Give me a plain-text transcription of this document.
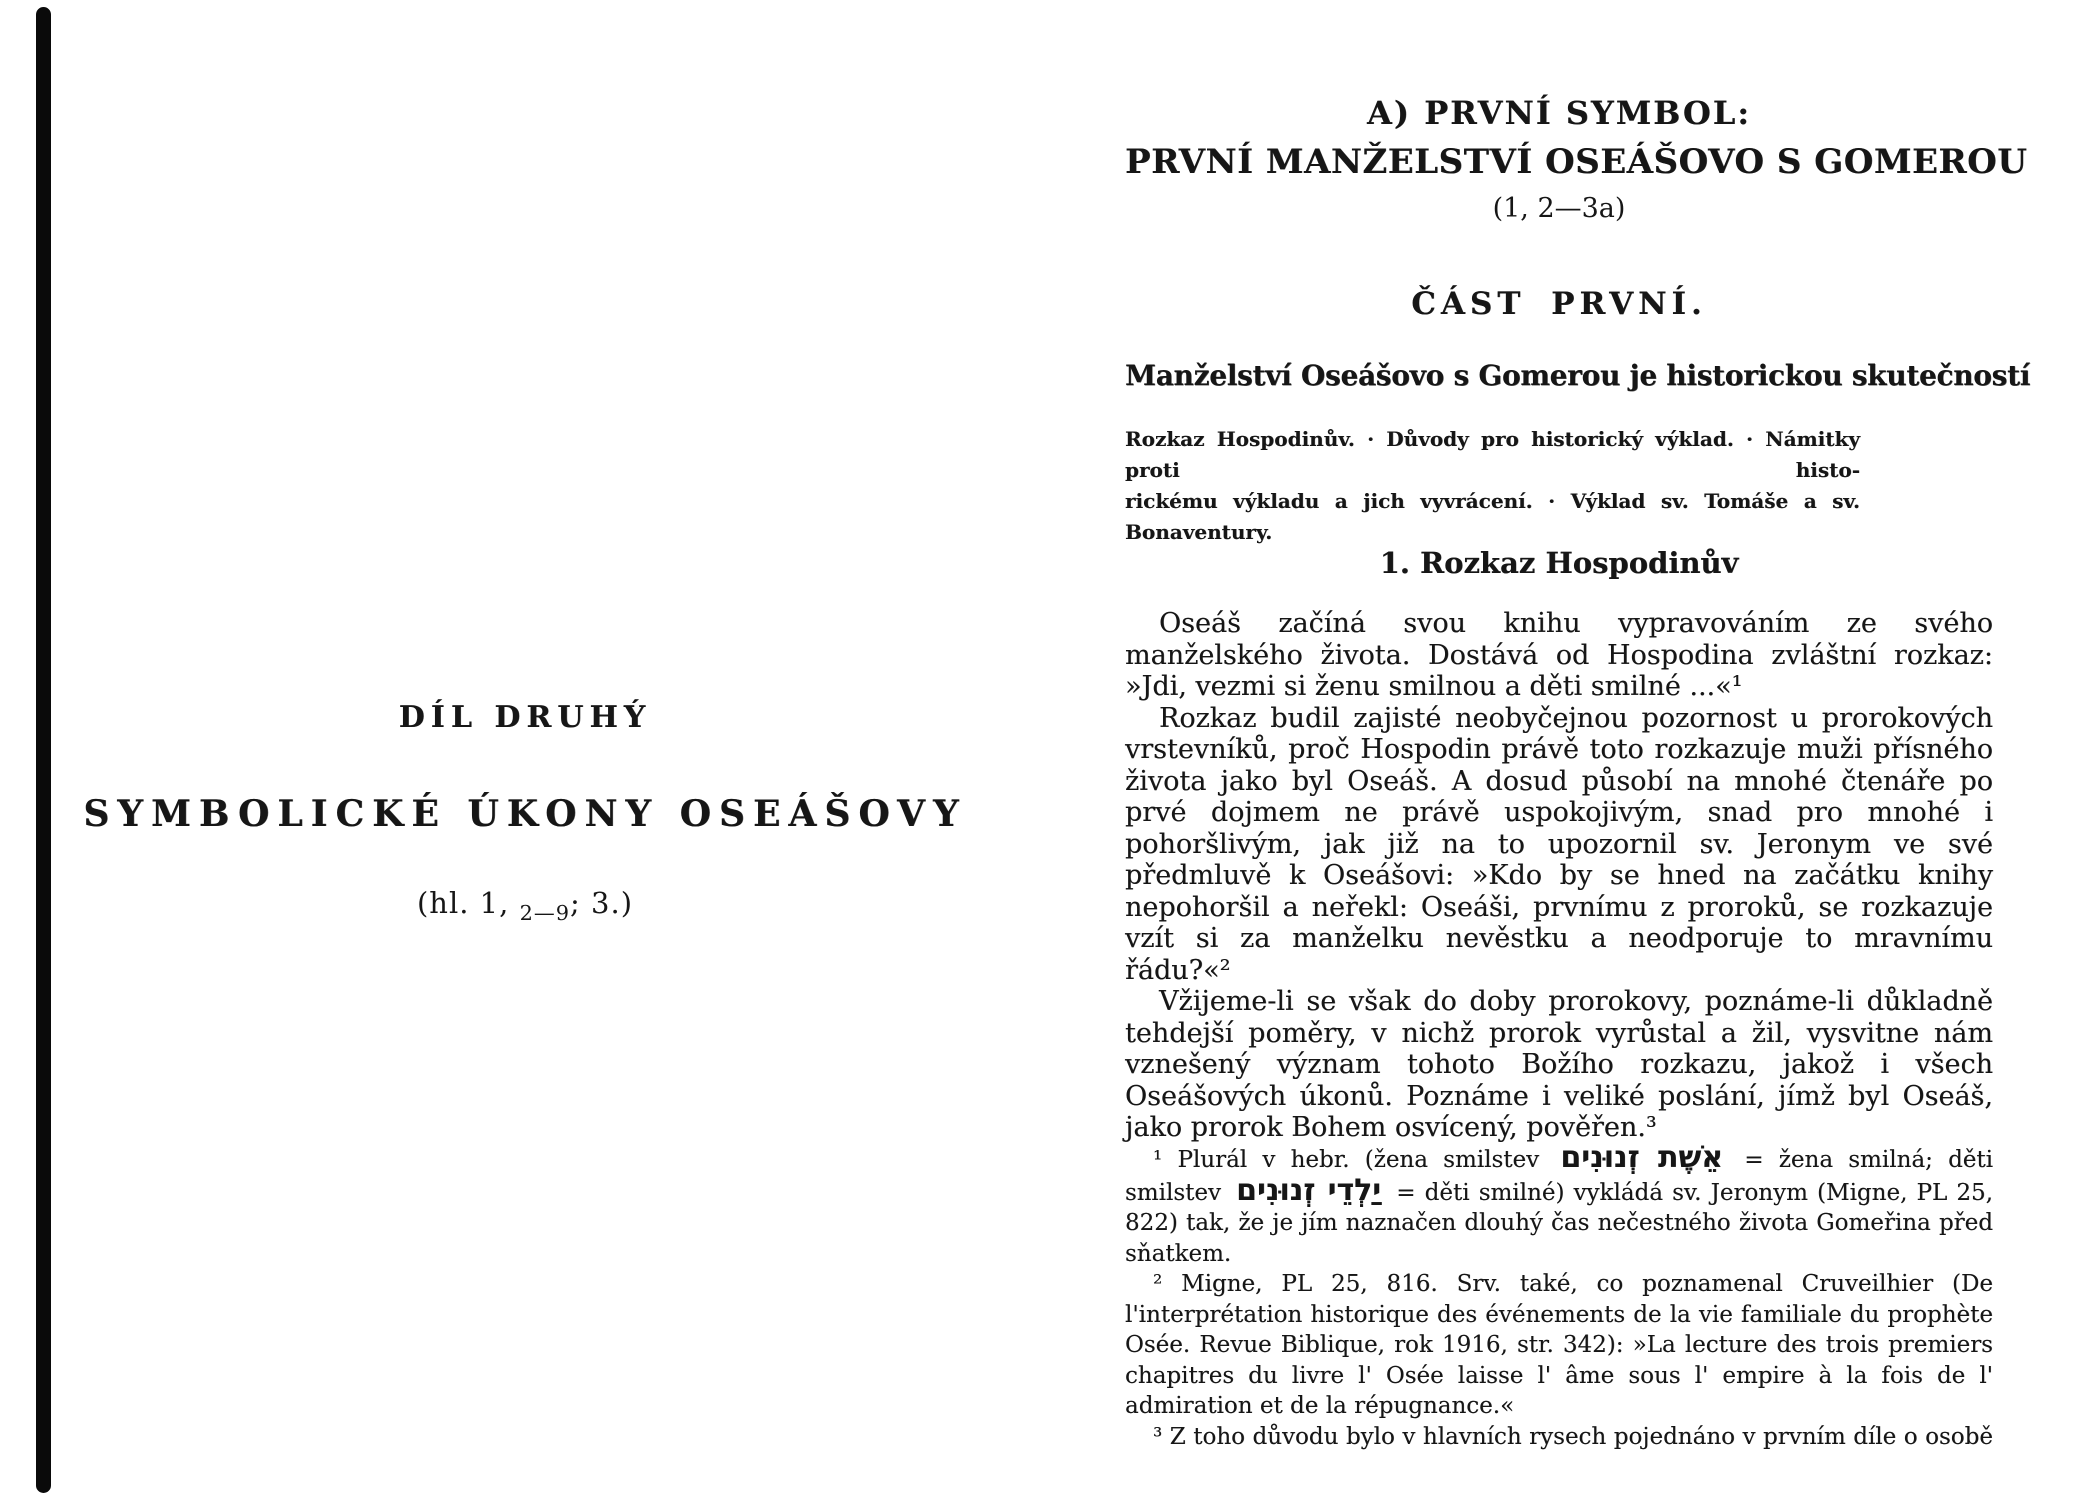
DÍL DRUHÝ
SYMBOLICKÉ ÚKONY OSEÁŠOVY
(hl. 1, $_{2—9}$; 3.)
A) PRVNÍ SYMBOL:
PRVNÍ MANŽELSTVÍ OSEÁŠOVO S GOMEROU
(1, 2—3a)
ČÁST PRVNÍ.
Manželství Oseášovo s Gomerou je historickou skutečností
Rozkaz Hospodinův. · Důvody pro historický výklad. · Námitky proti histo-
rickému výkladu a jich vyvrácení. · Výklad sv. Tomáše a sv. Bonaventury.
1. Rozkaz Hospodinův

Oseáš začíná svou knihu vypravováním ze svého manželského života. Dostává od Hospodina zvláštní rozkaz: »Jdi, vezmi si ženu smilnou a děti smilné ...«¹

Rozkaz budil zajisté neobyčejnou pozornost u prorokových vrstevníků, proč Hospodin právě toto rozkazuje muži přísného života jako byl Oseáš. A dosud působí na mnohé čtenáře po prvé dojmem ne právě uspokojivým, snad pro mnohé i pohoršlivým, jak již na to upozornil sv. Jeronym ve své předmluvě k Oseášovi: »Kdo by se hned na začátku knihy nepohoršil a neřekl: Oseáši, prvnímu z proroků, se rozkazuje vzít si za manželku nevěstku a neodporuje to mravnímu řádu?«²

Vžijeme-li se však do doby prorokovy, poznáme-li důkladně tehdejší poměry, v nichž prorok vyrůstal a žil, vysvitne nám vznešený význam tohoto Božího rozkazu, jakož i všech Oseášových úkonů. Poznáme i veliké poslání, jímž byl Oseáš, jako prorok Bohem osvícený, pověřen.³

¹ Plurál v hebr. (žena smilstev אֵשֶׁת זְנוּנִים = žena smilná; děti smilstev יַלְדֵי זְנוּנִים = děti smilné) vykládá sv. Jeronym (Migne, PL 25, 822) tak, že je jím naznačen dlouhý čas nečestného života Gomeřina před sňatkem.

² Migne, PL 25, 816. Srv. také, co poznamenal Cruveilhier (De l'interprétation historique des événements de la vie familiale du prophète Osée. Revue Biblique, rok 1916, str. 342): »La lecture des trois premiers chapitres du livre l' Osée laisse l' âme sous l' empire à la fois de l' admiration et de la répugnance.«

³ Z toho důvodu bylo v hlavních rysech pojednáno v prvním díle o osobě
